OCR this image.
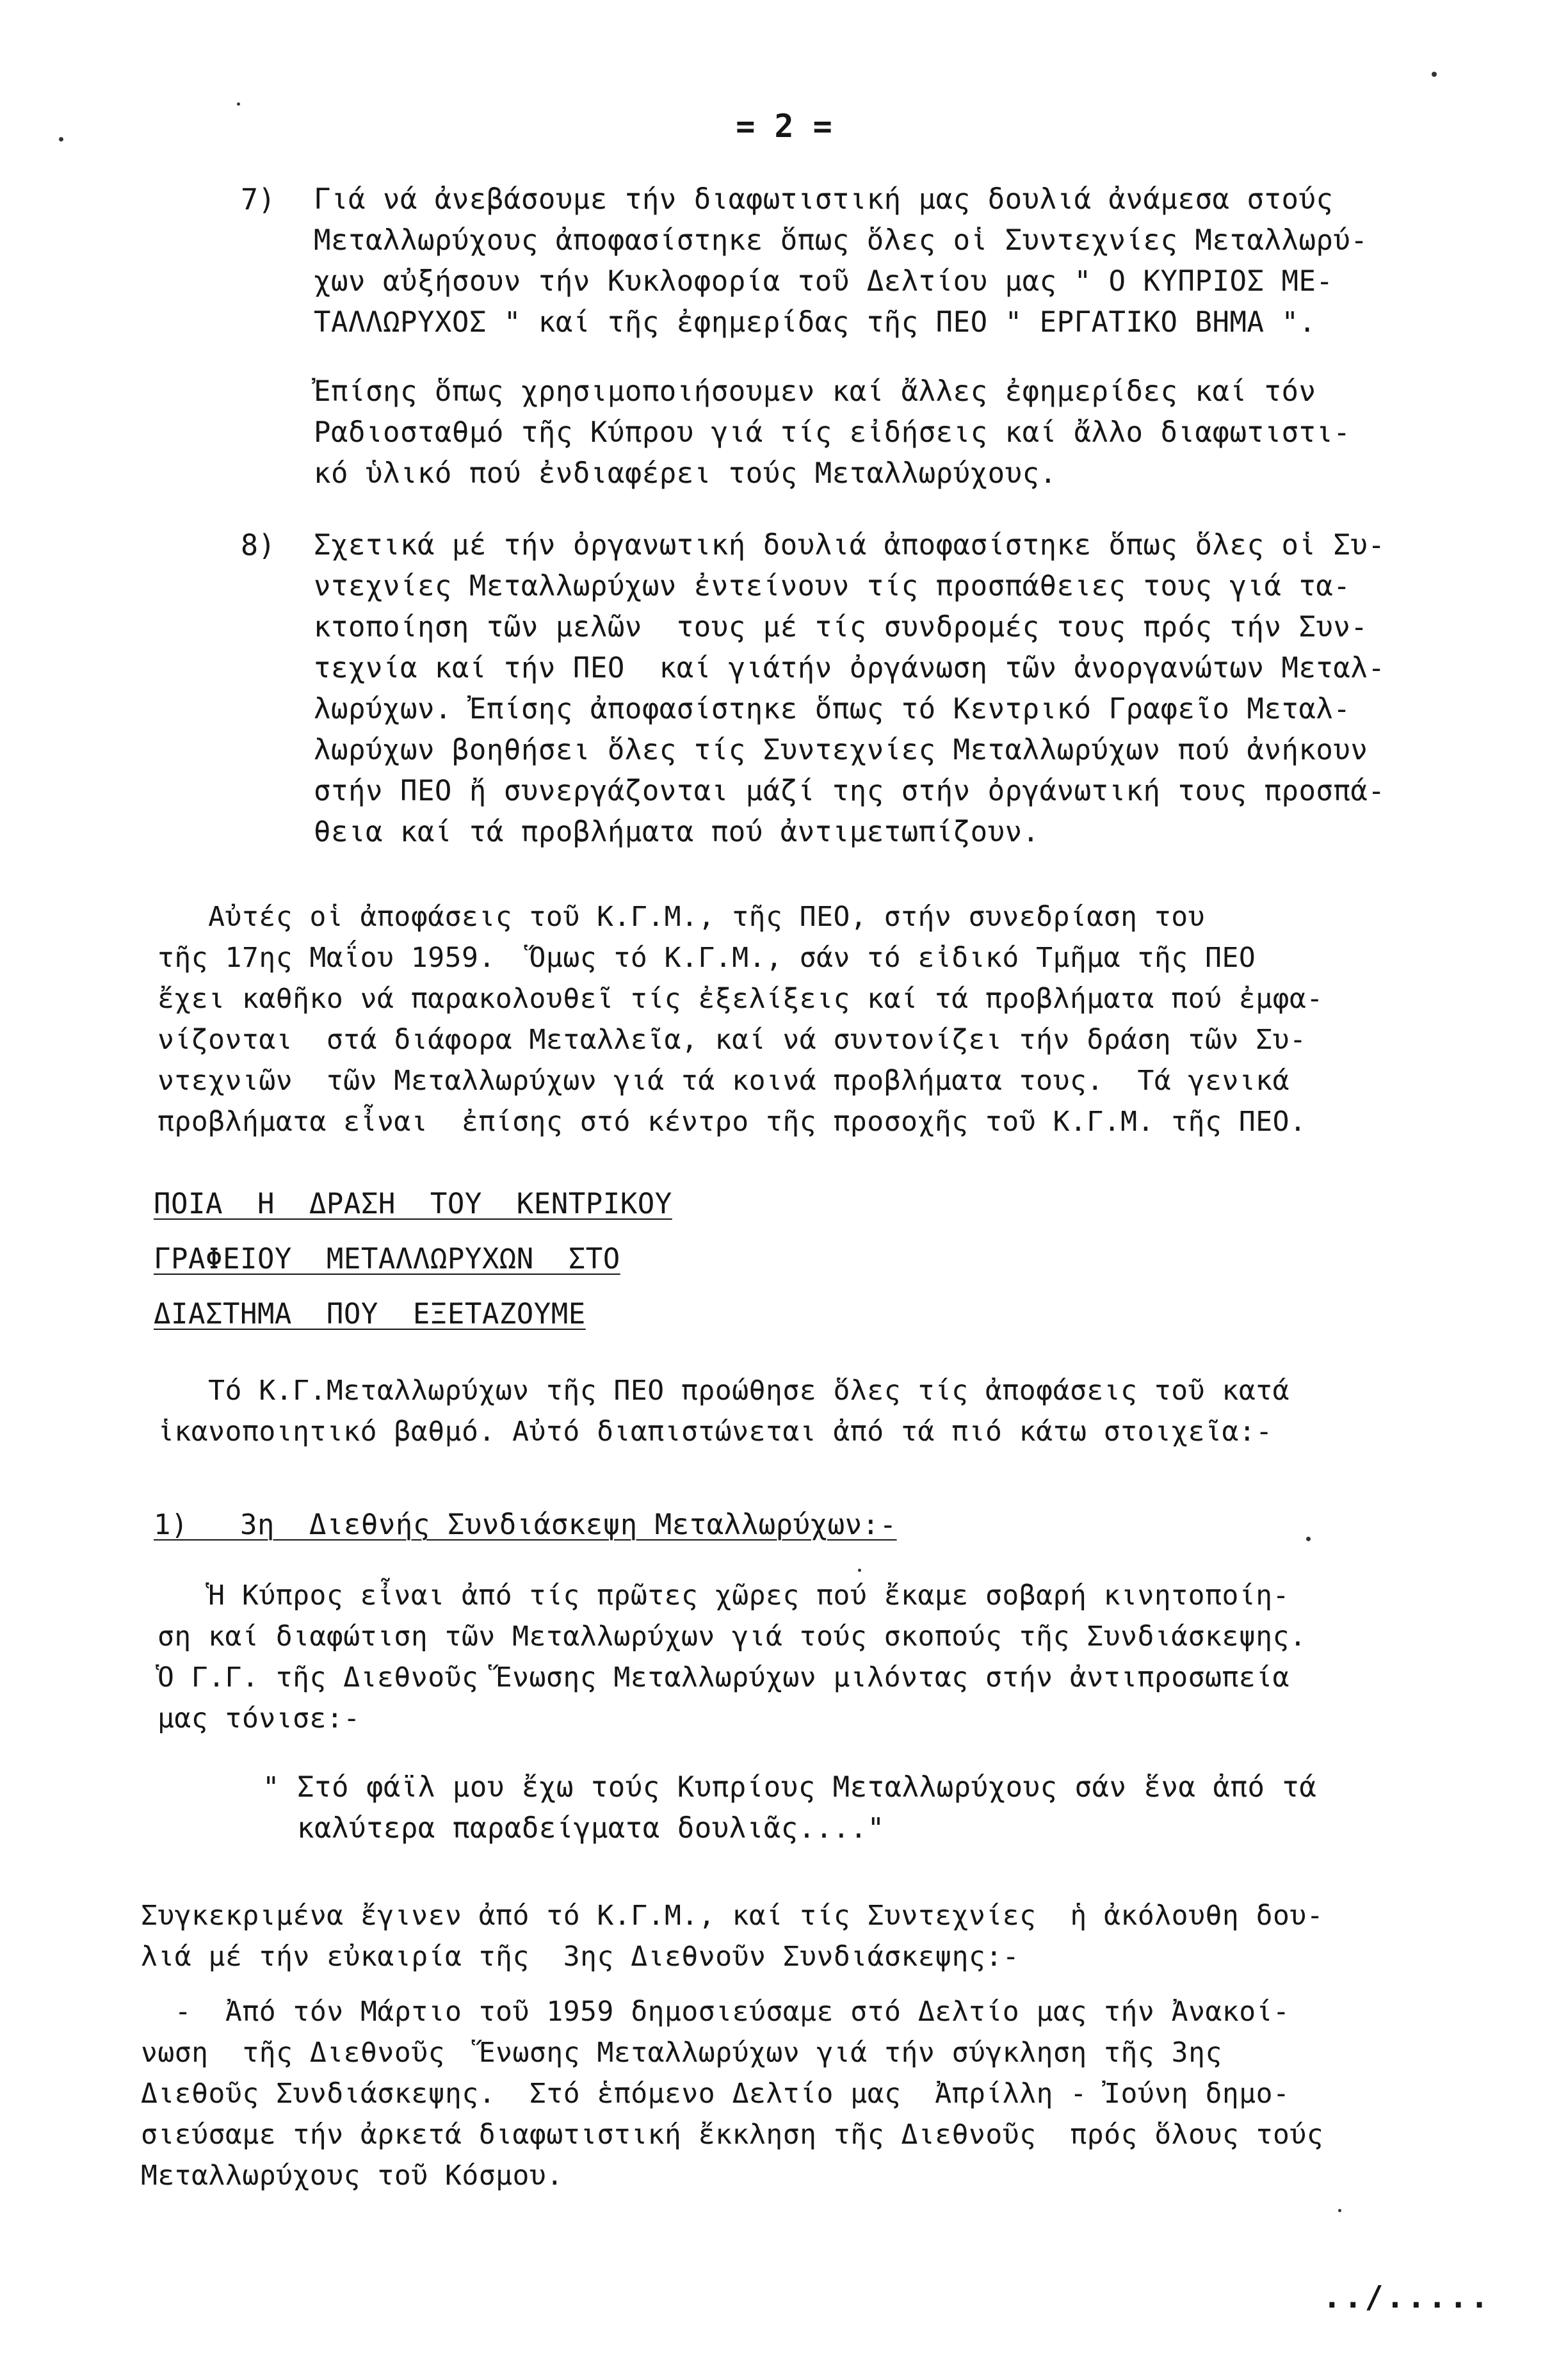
= 2 =
7) Γιά νά ἀνεβάσουμε τήν διαφωτιστική μας δουλιά ἀνάμεσα στούς
Μεταλλωρύχους ἀποφασίστηκε ὅπως ὅλες οἱ Συντεχνίες Μεταλλωρύ-
χων αὐξήσουν τήν Κυκλοφορία τοῦ Δελτίου μας " Ο ΚΥΠΡΙΟΣ ΜΕ-
ΤΑΛΛΩΡΥΧΟΣ " καί τῆς ἐφημερίδας τῆς ΠΕΟ " ΕΡΓΑΤΙΚΟ ΒΗΜΑ ".
Ἐπίσης ὅπως χρησιμοποιήσουμεν καί ἄλλες ἐφημερίδες καί τόν
Ραδιοσταθμό τῆς Κύπρου γιά τίς εἰδήσεις καί ἄλλο διαφωτιστι-
κό ὑλικό πού ἐνδιαφέρει τούς Μεταλλωρύχους.
8) Σχετικά μέ τήν ὀργανωτική δουλιά ἀποφασίστηκε ὅπως ὅλες οἱ Συ-
ντεχνίες Μεταλλωρύχων ἐντείνουν τίς προσπάθειες τους γιά τα-
κτοποίηση τῶν μελῶν  τους μέ τίς συνδρομές τους πρός τήν Συν-
τεχνία καί τήν ΠΕΟ  καί γιάτήν ὀργάνωση τῶν ἀνοργανώτων Μεταλ-
λωρύχων. Ἐπίσης ἀποφασίστηκε ὅπως τό Κεντρικό Γραφεῖο Μεταλ-
λωρύχων βοηθήσει ὅλες τίς Συντεχνίες Μεταλλωρύχων πού ἀνήκουν
στήν ΠΕΟ ἤ συνεργάζονται μάζί της στήν ὀργάνωτική τους προσπά-
θεια καί τά προβλήματα πού ἀντιμετωπίζουν.
Αὐτές οἱ ἀποφάσεις τοῦ Κ.Γ.Μ., τῆς ΠΕΟ, στήν συνεδρίαση του
τῆς 17ης Μαΐου 1959.  Ὅμως τό Κ.Γ.Μ., σάν τό εἰδικό Τμῆμα τῆς ΠΕΟ
ἔχει καθῆκο νά παρακολουθεῖ τίς ἐξελίξεις καί τά προβλήματα πού ἐμφα-
νίζονται  στά διάφορα Μεταλλεῖα, καί νά συντονίζει τήν δράση τῶν Συ-
ντεχνιῶν  τῶν Μεταλλωρύχων γιά τά κοινά προβλήματα τους.  Τά γενικά
προβλήματα εἶναι  ἐπίσης στό κέντρο τῆς προσοχῆς τοῦ Κ.Γ.Μ. τῆς ΠΕΟ.
ΠΟΙΑ  Η  ΔΡΑΣΗ  ΤΟΥ  ΚΕΝΤΡΙΚΟΥ
ΓΡΑΦΕΙΟΥ  ΜΕΤΑΛΛΩΡΥΧΩΝ  ΣΤΟ
ΔΙΑΣΤΗΜΑ  ΠΟΥ  ΕΞΕΤΑΖΟΥΜΕ
Τό Κ.Γ.Μεταλλωρύχων τῆς ΠΕΟ προώθησε ὅλες τίς ἀποφάσεις τοῦ κατά
ἱκανοποιητικό βαθμό. Αὐτό διαπιστώνεται ἀπό τά πιό κάτω στοιχεῖα:-
1)   3η  Διεθνής Συνδιάσκεψη Μεταλλωρύχων:-
Ἡ Κύπρος εἶναι ἀπό τίς πρῶτες χῶρες πού ἔκαμε σοβαρή κινητοποίη-
ση καί διαφώτιση τῶν Μεταλλωρύχων γιά τούς σκοπούς τῆς Συνδιάσκεψης.
Ὁ Γ.Γ. τῆς Διεθνοῦς Ἕνωσης Μεταλλωρύχων μιλόντας στήν ἀντιπροσωπεία
μας τόνισε:-
" Στό φάϊλ μου ἔχω τούς Κυπρίους Μεταλλωρύχους σάν ἕνα ἀπό τά
καλύτερα παραδείγματα δουλιᾶς...."
Συγκεκριμένα ἔγινεν ἀπό τό Κ.Γ.Μ., καί τίς Συντεχνίες  ἡ ἀκόλουθη δου-
λιά μέ τήν εὐκαιρία τῆς  3ης Διεθνοῦν Συνδιάσκεψης:-
-  Ἀπό τόν Μάρτιο τοῦ 1959 δημοσιεύσαμε στό Δελτίο μας τήν Ἀνακοί-
νωση  τῆς Διεθνοῦς  Ἕνωσης Μεταλλωρύχων γιά τήν σύγκληση τῆς 3ης
Διεθοῦς Συνδιάσκεψης.  Στό ἑπόμενο Δελτίο μας  Ἀπρίλλη - Ἰούνη δημο-
σιεύσαμε τήν ἀρκετά διαφωτιστική ἔκκληση τῆς Διεθνοῦς  πρός ὅλους τούς
Μεταλλωρύχους τοῦ Κόσμου.
../.....
